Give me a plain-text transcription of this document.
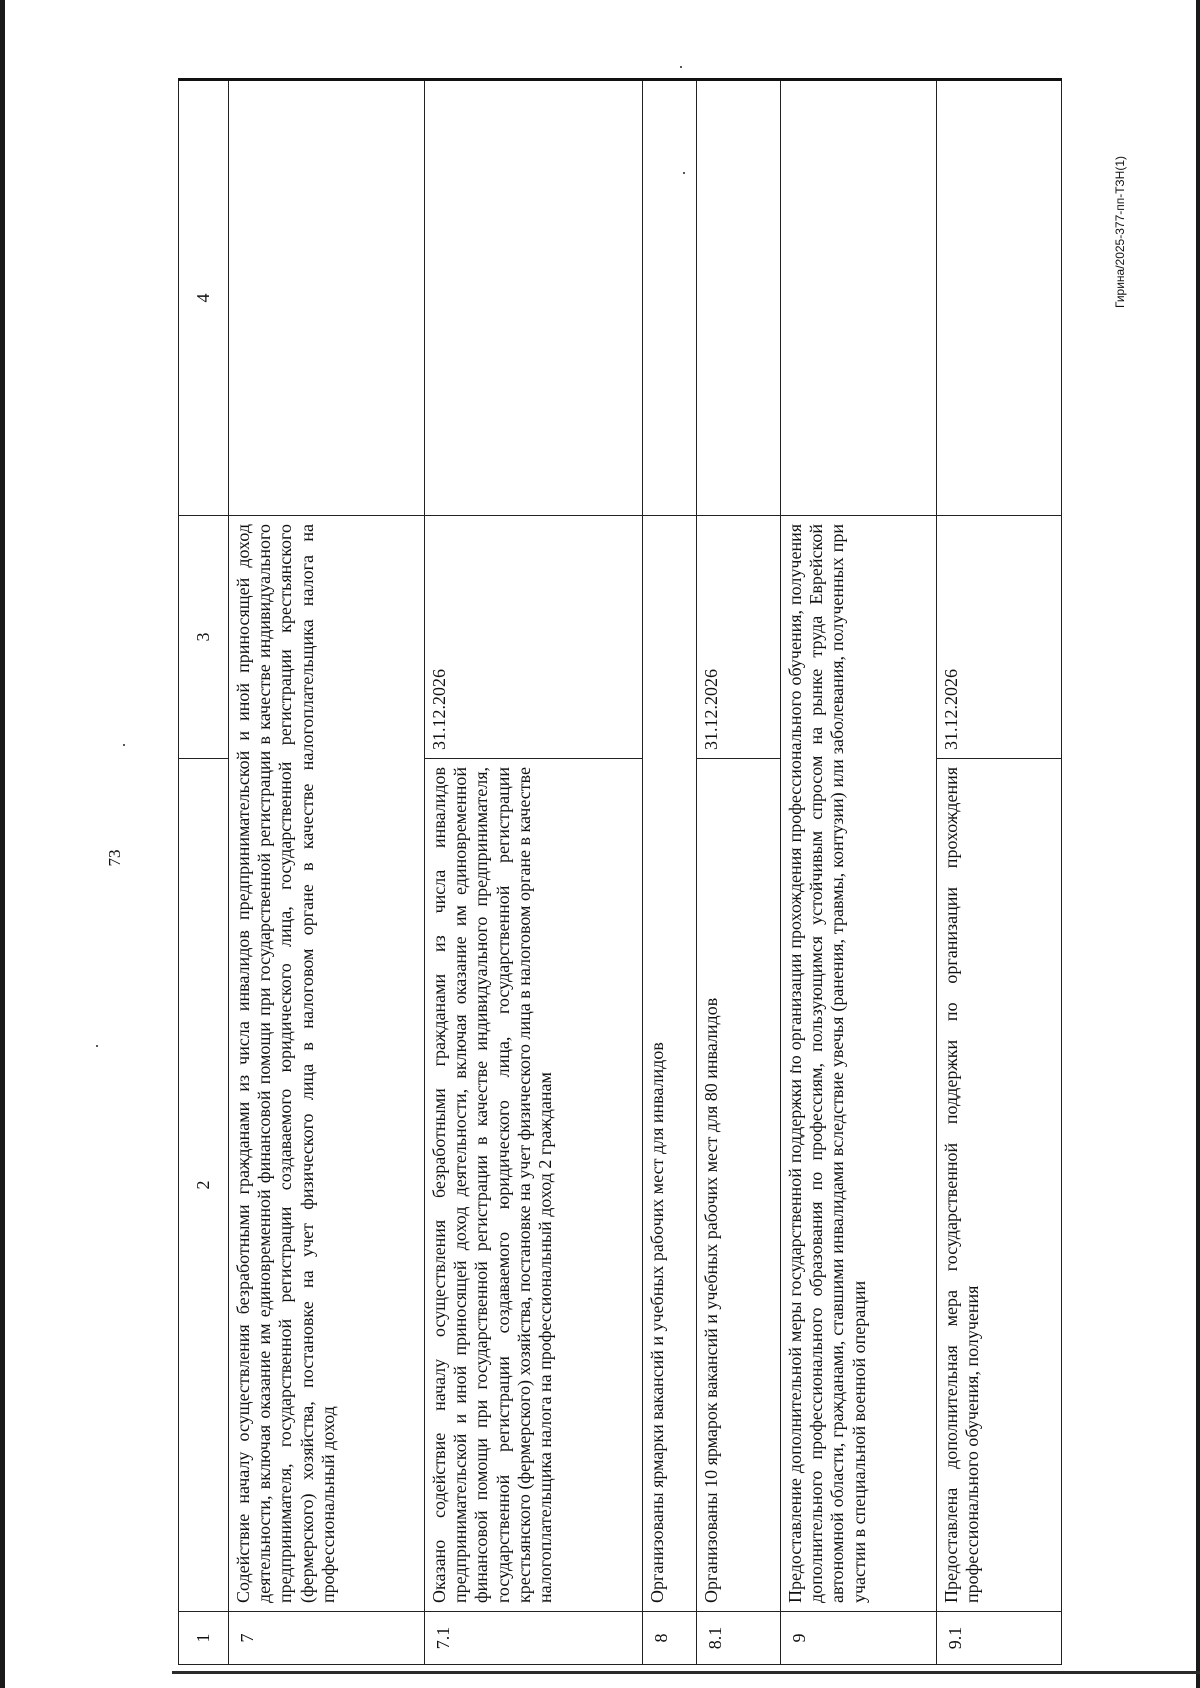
73
Гирина/2025-377-пп-ТЗН(1)
1	2	3	4
7	Содействие началу осуществления безработными гражданами из числа инвалидов предпринимательской и иной приносящей доход деятельности, включая оказание им единовременной финансовой помощи при государственной регистрации в качестве индивидуального предпринимателя, государственной регистрации создаваемого юридического лица, государственной регистрации крестьянского (фермерского) хозяйства, постановке на учет физического лица в налоговом органе в качестве налогоплательщика налога на профессиональный доход		
7.1	Оказано содействие началу осуществления безработными гражданами из числа инвалидов предпринимательской и иной приносящей доход деятельности, включая оказание им единовременной финансовой помощи при государственной регистрации в качестве индивидуального предпринимателя, государственной регистрации создаваемого юридического лица, государственной регистрации крестьянского (фермерского) хозяйства, постановке на учет физического лица в налоговом органе в качестве налогоплательщика налога на профессиональный доход 2 гражданам	31.12.2026	
8	Организованы ярмарки вакансий и учебных рабочих мест для инвалидов		
8.1	Организованы 10 ярмарок вакансий и учебных рабочих мест для 80 инвалидов	31.12.2026	
9	Предоставление дополнительной меры государственной поддержки по организации прохождения профессионального обучения, получения дополнительного профессионального образования по профессиям, пользующимся устойчивым спросом на рынке труда Еврейской автономной области, гражданами, ставшими инвалидами вследствие увечья (ранения, травмы, контузии) или заболевания, полученных при участии в специальной военной операции		
9.1	Предоставлена дополнительная мера государственной поддержки по организации прохождения профессионального обучения, получения	31.12.2026	
